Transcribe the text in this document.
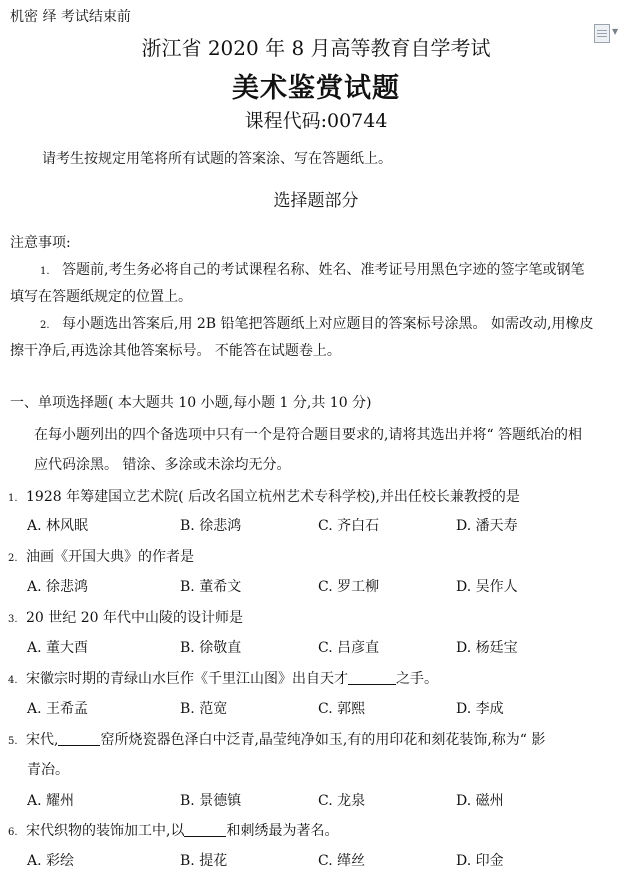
▼
机密 绎 考试结束前
浙江省 2020 年 8 月高等教育自学考试
美术鉴赏试题
课程代码:00744
请考生按规定用笔将所有试题的答案涂、写在答题纸上。
选择题部分
注意事项:
1. 答题前,考生务必将自己的考试课程名称、姓名、准考证号用黑色字迹的签字笔或钢笔
填写在答题纸规定的位置上。
2. 每小题选出答案后,用 2B 铅笔把答题纸上对应题目的答案标号涂黑。 如需改动,用橡皮
擦干净后,再选涂其他答案标号。 不能答在试题卷上。
一、单项选择题( 本大题共 10 小题,每小题 1 分,共 10 分)
在每小题列出的四个备选项中只有一个是符合题目要求的,请将其选出并将“ 答题纸冶的相
应代码涂黑。 错涂、多涂或未涂均无分。
1. 1928 年筹建国立艺术院( 后改名国立杭州艺术专科学校),并出任校长兼教授的是
A. 林风眠	B. 徐悲鸿	C. 齐白石	D. 潘天寿
2. 油画《开国大典》的作者是
A. 徐悲鸿	B. 董希文	C. 罗工柳	D. 吴作人
3. 20 世纪 20 年代中山陵的设计师是
A. 董大酉	B. 徐敬直	C. 吕彦直	D. 杨廷宝
4. 宋徽宗时期的青绿山水巨作《千里江山图》出自天才	之手。
A. 王希孟	B. 范宽	C. 郭熙	D. 李成
5. 宋代,	窑所烧瓷器色泽白中泛青,晶莹纯净如玉,有的用印花和刻花装饰,称为“ 影
青冶。
A. 耀州	B. 景德镇	C. 龙泉	D. 磁州
6. 宋代织物的装饰加工中,以	和刺绣最为著名。
A. 彩绘	B. 提花	C. 缂丝	D. 印金
